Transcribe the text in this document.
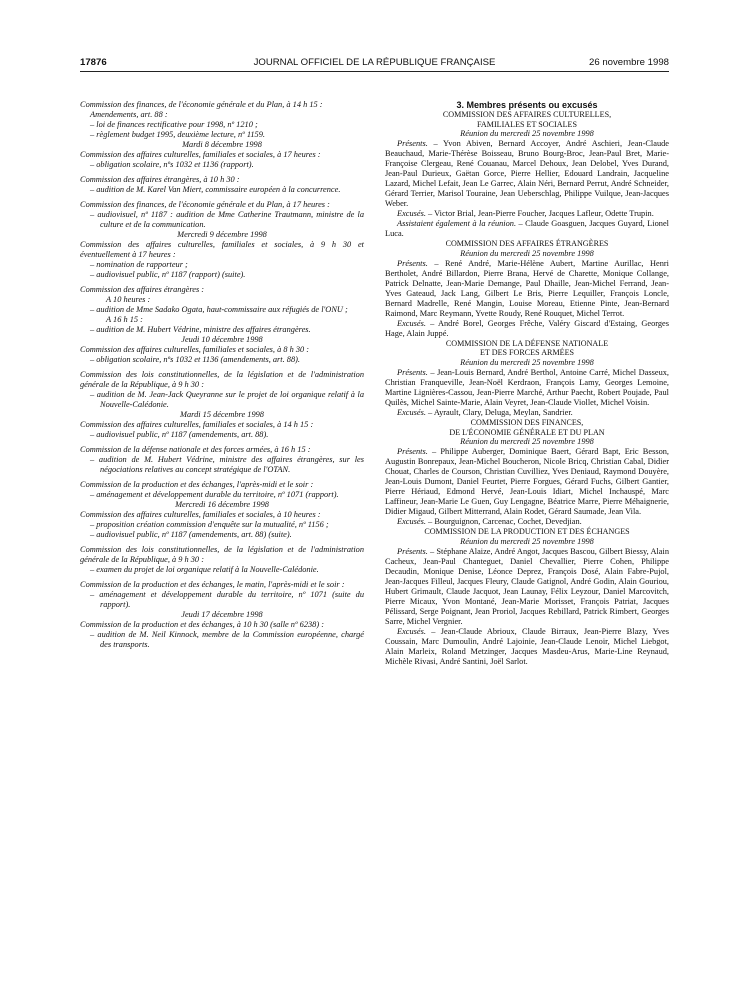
17876	JOURNAL OFFICIEL DE LA RÉPUBLIQUE FRANÇAISE	26 novembre 1998

Commission des finances, de l'économie générale et du Plan, à 14 h 15 :

Amendements, art. 88 :

– loi de finances rectificative pour 1998, nº 1210 ;

– règlement budget 1995, deuxième lecture, nº 1159.

Mardi 8 décembre 1998

Commission des affaires culturelles, familiales et sociales, à 17 heures :

– obligation scolaire, nºs 1032 et 1136 (rapport).

Commission des affaires étrangères, à 10 h 30 :

– audition de M. Karel Van Miert, commissaire européen à la concurrence.

Commission des finances, de l'économie générale et du Plan, à 17 heures :

– audiovisuel, nº 1187 : audition de Mme Catherine Trautmann, ministre de la culture et de la communication.

Mercredi 9 décembre 1998

Commission des affaires culturelles, familiales et sociales, à 9 h 30 et éventuellement à 17 heures :

– nomination de rapporteur ;

– audiovisuel public, nº 1187 (rapport) (suite).

Commission des affaires étrangères :

A 10 heures :

– audition de Mme Sadako Ogata, haut-commissaire aux réfugiés de l'ONU ;

A 16 h 15 :

– audition de M. Hubert Védrine, ministre des affaires étrangères.

Jeudi 10 décembre 1998

Commission des affaires culturelles, familiales et sociales, à 8 h 30 :

– obligation scolaire, nºs 1032 et 1136 (amendements, art. 88).

Commission des lois constitutionnelles, de la législation et de l'administration générale de la République, à 9 h 30 :

– audition de M. Jean-Jack Queyranne sur le projet de loi organique relatif à la Nouvelle-Calédonie.

Mardi 15 décembre 1998

Commission des affaires culturelles, familiales et sociales, à 14 h 15 :

– audiovisuel public, nº 1187 (amendements, art. 88).

Commission de la défense nationale et des forces armées, à 16 h 15 :

– audition de M. Hubert Védrine, ministre des affaires étrangères, sur les négociations relatives au concept stratégique de l'OTAN.

Commission de la production et des échanges, l'après-midi et le soir :

– aménagement et développement durable du territoire, nº 1071 (rapport).

Mercredi 16 décembre 1998

Commission des affaires culturelles, familiales et sociales, à 10 heures :

– proposition création commission d'enquête sur la mutualité, nº 1156 ;

– audiovisuel public, nº 1187 (amendements, art. 88) (suite).

Commission des lois constitutionnelles, de la législation et de l'administration générale de la République, à 9 h 30 :

– examen du projet de loi organique relatif à la Nouvelle-Calédonie.

Commission de la production et des échanges, le matin, l'après-midi et le soir :

– aménagement et développement durable du territoire, nº 1071 (suite du rapport).

Jeudi 17 décembre 1998

Commission de la production et des échanges, à 10 h 30 (salle nº 6238) :

– audition de M. Neil Kinnock, membre de la Commission européenne, chargé des transports.

3. Membres présents ou excusés

COMMISSION DES AFFAIRES CULTURELLES,
FAMILIALES ET SOCIALES

Réunion du mercredi 25 novembre 1998

Présents. – Yvon Abiven, Bernard Accoyer, André Aschieri, Jean-Claude Beauchaud, Marie-Thérèse Boisseau, Bruno Bourg-Broc, Jean-Paul Bret, Marie-Françoise Clergeau, René Couanau, Marcel Dehoux, Jean Delobel, Yves Durand, Jean-Paul Durieux, Gaëtan Gorce, Pierre Hellier, Edouard Landrain, Jacqueline Lazard, Michel Lefait, Jean Le Garrec, Alain Néri, Bernard Perrut, André Schneider, Gérard Terrier, Marisol Touraine, Jean Ueberschlag, Philippe Vuilque, Jean-Jacques Weber.

Excusés. – Victor Brial, Jean-Pierre Foucher, Jacques Lafleur, Odette Trupin.

Assistaient également à la réunion. – Claude Goasguen, Jacques Guyard, Lionel Luca.

COMMISSION DES AFFAIRES ÉTRANGÈRES

Réunion du mercredi 25 novembre 1998

Présents. – René André, Marie-Hélène Aubert, Martine Aurillac, Henri Bertholet, André Billardon, Pierre Brana, Hervé de Charette, Monique Collange, Patrick Delnatte, Jean-Marie Demange, Paul Dhaille, Jean-Michel Ferrand, Jean-Yves Gateaud, Jack Lang, Gilbert Le Bris, Pierre Lequiller, François Loncle, Bernard Madrelle, René Mangin, Louise Moreau, Etienne Pinte, Jean-Bernard Raimond, Marc Reymann, Yvette Roudy, René Rouquet, Michel Terrot.

Excusés. – André Borel, Georges Frêche, Valéry Giscard d'Estaing, Georges Hage, Alain Juppé.

COMMISSION DE LA DÉFENSE NATIONALE
ET DES FORCES ARMÉES

Réunion du mercredi 25 novembre 1998

Présents. – Jean-Louis Bernard, André Berthol, Antoine Carré, Michel Dasseux, Christian Franqueville, Jean-Noël Kerdraon, François Lamy, Georges Lemoine, Martine Lignières-Cassou, Jean-Pierre Marché, Arthur Paecht, Robert Poujade, Paul Quilès, Michel Sainte-Marie, Alain Veyret, Jean-Claude Viollet, Michel Voisin.

Excusés. – Ayrault, Clary, Deluga, Meylan, Sandrier.

COMMISSION DES FINANCES,
DE L'ÉCONOMIE GÉNÉRALE ET DU PLAN

Réunion du mercredi 25 novembre 1998

Présents. – Philippe Auberger, Dominique Baert, Gérard Bapt, Eric Besson, Augustin Bonrepaux, Jean-Michel Boucheron, Nicole Bricq, Christian Cabal, Didier Chouat, Charles de Courson, Christian Cuvilliez, Yves Deniaud, Raymond Douyère, Jean-Louis Dumont, Daniel Feurtet, Pierre Forgues, Gérard Fuchs, Gilbert Gantier, Pierre Hériaud, Edmond Hervé, Jean-Louis Idiart, Michel Inchauspé, Marc Laffineur, Jean-Marie Le Guen, Guy Lengagne, Béatrice Marre, Pierre Méhaignerie, Didier Migaud, Gilbert Mitterrand, Alain Rodet, Gérard Saumade, Jean Vila.

Excusés. – Bourguignon, Carcenac, Cochet, Devedjian.

COMMISSION DE LA PRODUCTION ET DES ÉCHANGES

Réunion du mercredi 25 novembre 1998

Présents. – Stéphane Alaize, André Angot, Jacques Bascou, Gilbert Biessy, Alain Cacheux, Jean-Paul Chanteguet, Daniel Chevallier, Pierre Cohen, Philippe Decaudin, Monique Denise, Léonce Deprez, François Dosé, Alain Fabre-Pujol, Jean-Jacques Filleul, Jacques Fleury, Claude Gatignol, André Godin, Alain Gouriou, Hubert Grimault, Claude Jacquot, Jean Launay, Félix Leyzour, Daniel Marcovitch, Pierre Micaux, Yvon Montané, Jean-Marie Morisset, François Patriat, Jacques Pélissard, Serge Poignant, Jean Proriol, Jacques Rebillard, Patrick Rimbert, Georges Sarre, Michel Vergnier.

Excusés. – Jean-Claude Abrioux, Claude Birraux, Jean-Pierre Blazy, Yves Coussain, Marc Dumoulin, André Lajoinie, Jean-Claude Lenoir, Michel Liebgot, Alain Marleix, Roland Metzinger, Jacques Masdeu-Arus, Marie-Line Reynaud, Michèle Rivasi, André Santini, Joël Sarlot.
